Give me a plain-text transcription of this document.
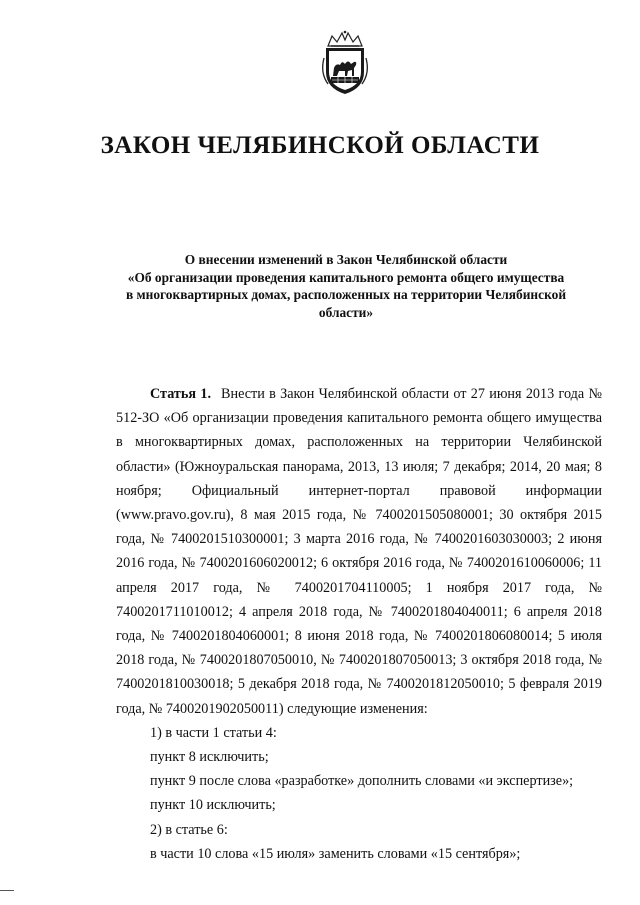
ЗАКОН ЧЕЛЯБИНСКОЙ ОБЛАСТИ
О внесении изменений в Закон Челябинской области
«Об организации проведения капитального ремонта общего имущества
в многоквартирных домах, расположенных на территории Челябинской
области»

Статья 1. Внести в Закон Челябинской области от 27 июня 2013 года № 512-ЗО «Об организации проведения капитального ремонта общего имущества в многоквартирных домах, расположенных на территории Челябинской области» (Южноуральская панорама, 2013, 13 июля; 7 декабря; 2014, 20 мая; 8 ноября; Официальный интернет-портал правовой информации (www.pravo.gov.ru), 8 мая 2015 года, № 7400201505080001; 30 октября 2015 года, № 7400201510300001; 3 марта 2016 года, № 7400201603030003; 2 июня 2016 года, № 7400201606020012; 6 октября 2016 года, № 7400201610060006; 11 апреля 2017 года, № 7400201704110005; 1 ноября 2017 года, № 7400201711010012; 4 апреля 2018 года, № 7400201804040011; 6 апреля 2018 года, № 7400201804060001; 8 июня 2018 года, № 7400201806080014; 5 июля 2018 года, № 7400201807050010, № 7400201807050013; 3 октября 2018 года, № 7400201810030018; 5 декабря 2018 года, № 7400201812050010; 5 февраля 2019 года, № 7400201902050011) следующие изменения:

1) в части 1 статьи 4:

пункт 8 исключить;

пункт 9 после слова «разработке» дополнить словами «и экспертизе»;

пункт 10 исключить;

2) в статье 6:

в части 10 слова «15 июля» заменить словами «15 сентября»;
